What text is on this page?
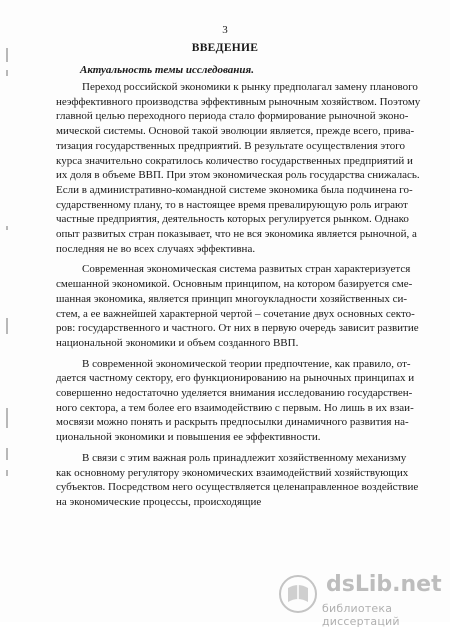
3
ВВЕДЕНИЕ
Актуальность темы исследования.
Переход российской экономики к рынку предполагал замену планового
неэффективного производства эффективным рыночным хозяйством. Поэтому
главной целью переходного периода стало формирование рыночной эконо-
мической системы. Основой такой эволюции является, прежде всего, прива-
тизация государственных предприятий. В результате осуществления этого
курса значительно сократилось количество государственных предприятий и
их доля в объеме ВВП. При этом экономическая роль государства снижалась.
Если в административно-командной системе экономика была подчинена го-
сударственному плану, то в настоящее время превалирующую роль играют
частные предприятия, деятельность которых регулируется рынком. Однако
опыт развитых стран показывает, что не вся экономика является рыночной, а
последняя не во всех случаях эффективна.
Современная экономическая система развитых стран характеризуется
смешанной экономикой. Основным принципом, на котором базируется сме-
шанная экономика, является принцип многоукладности хозяйственных си-
стем, а ее важнейшей характерной чертой – сочетание двух основных секто-
ров: государственного и частного. От них в первую очередь зависит развитие
национальной экономики и объем созданного ВВП.
В современной экономической теории предпочтение, как правило, от-
дается частному сектору, его функционированию на рыночных принципах и
совершенно недостаточно уделяется внимания исследованию государствен-
ного сектора, а тем более его взаимодействию с первым. Но лишь в их взаи-
мосвязи можно понять и раскрыть предпосылки динамичного развития на-
циональной экономики и повышения ее эффективности.
В связи с этим важная роль принадлежит хозяйственному механизму
как основному регулятору экономических взаимодействий хозяйствующих
субъектов. Посредством него осуществляется целенаправленное воздействие
на экономические процессы, происходящие
dsLib.net
библиотека диссертаций
